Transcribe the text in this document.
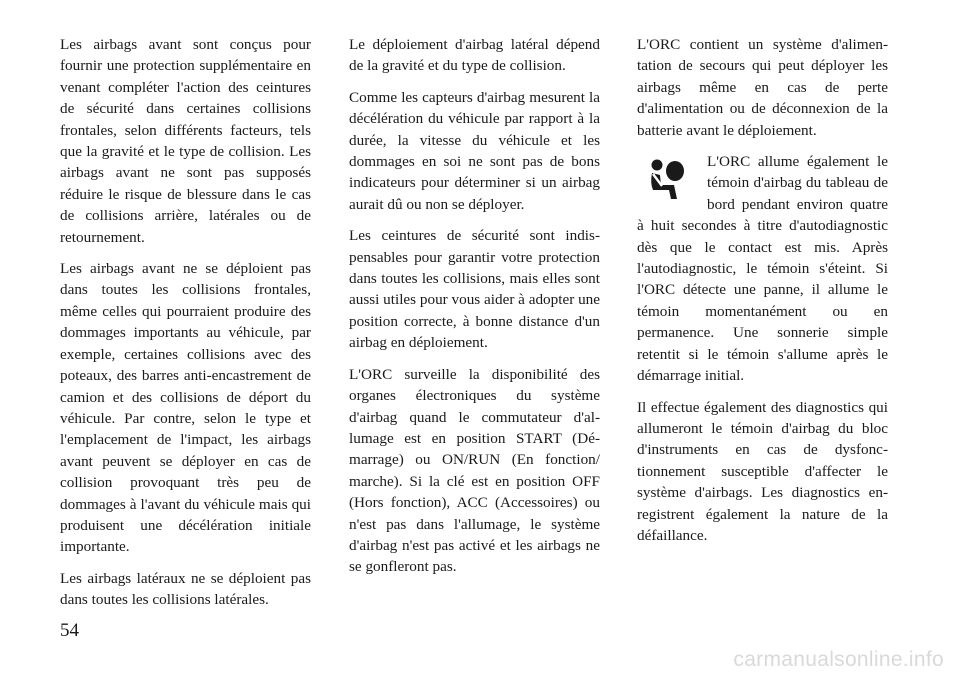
Les airbags avant sont conçus pour fournir une protection supplémentaire en venant compléter l'action des ceintures de sécurité dans certaines collisions frontales, selon différents facteurs, tels que la gravité et le type de collision. Les airbags avant ne sont pas supposés réduire le risque de blessure dans le cas de collisions arrière, latérales ou de retournement.

Les airbags avant ne se déploient pas dans toutes les collisions frontales, même celles qui pourraient produire des dommages importants au véhicule, par exemple, certaines collisions avec des poteaux, des barres anti-encastrement de camion et des collisions de déport du véhicule. Par contre, selon le type et l'emplacement de l'impact, les airbags avant peuvent se déployer en cas de collision provoquant très peu de dommages à l'avant du véhicule mais qui produisent une décélération initiale importante.

Les airbags latéraux ne se déploient pas dans toutes les collisions latérales.

Le déploiement d'airbag latéral dépend de la gravité et du type de collision.

Comme les capteurs d'airbag mesurent la décélération du véhicule par rapport à la durée, la vitesse du véhicule et les dommages en soi ne sont pas de bons indicateurs pour déterminer si un airbag aurait dû ou non se déployer.

Les ceintures de sécurité sont indispensables pour garantir votre protection dans toutes les collisions, mais elles sont aussi utiles pour vous aider à adopter une position correcte, à bonne distance d'un airbag en déploiement.

L'ORC surveille la disponibilité des organes électroniques du système d'airbag quand le commutateur d'allumage est en position START (Démarrage) ou ON/RUN (En fonction/ marche). Si la clé est en position OFF (Hors fonction), ACC (Accessoires) ou n'est pas dans l'allumage, le système d'airbag n'est pas activé et les airbags ne se gonfleront pas.

L'ORC contient un système d'alimentation de secours qui peut déployer les airbags même en cas de perte d'alimentation ou de déconnexion de la batterie avant le déploiement.

L'ORC allume également le témoin d'airbag du tableau de bord pendant environ quatre à huit secondes à titre d'autodiagnostic dès que le contact est mis. Après l'autodiagnostic, le témoin s'éteint. Si l'ORC détecte une panne, il allume le témoin momentanément ou en permanence. Une sonnerie simple retentit si le témoin s'allume après le démarrage initial.

Il effectue également des diagnostics qui allumeront le témoin d'airbag du bloc d'instruments en cas de dysfonctionnement susceptible d'affecter le système d'airbags. Les diagnostics enregistrent également la nature de la défaillance.

54
carmanualsonline.info
